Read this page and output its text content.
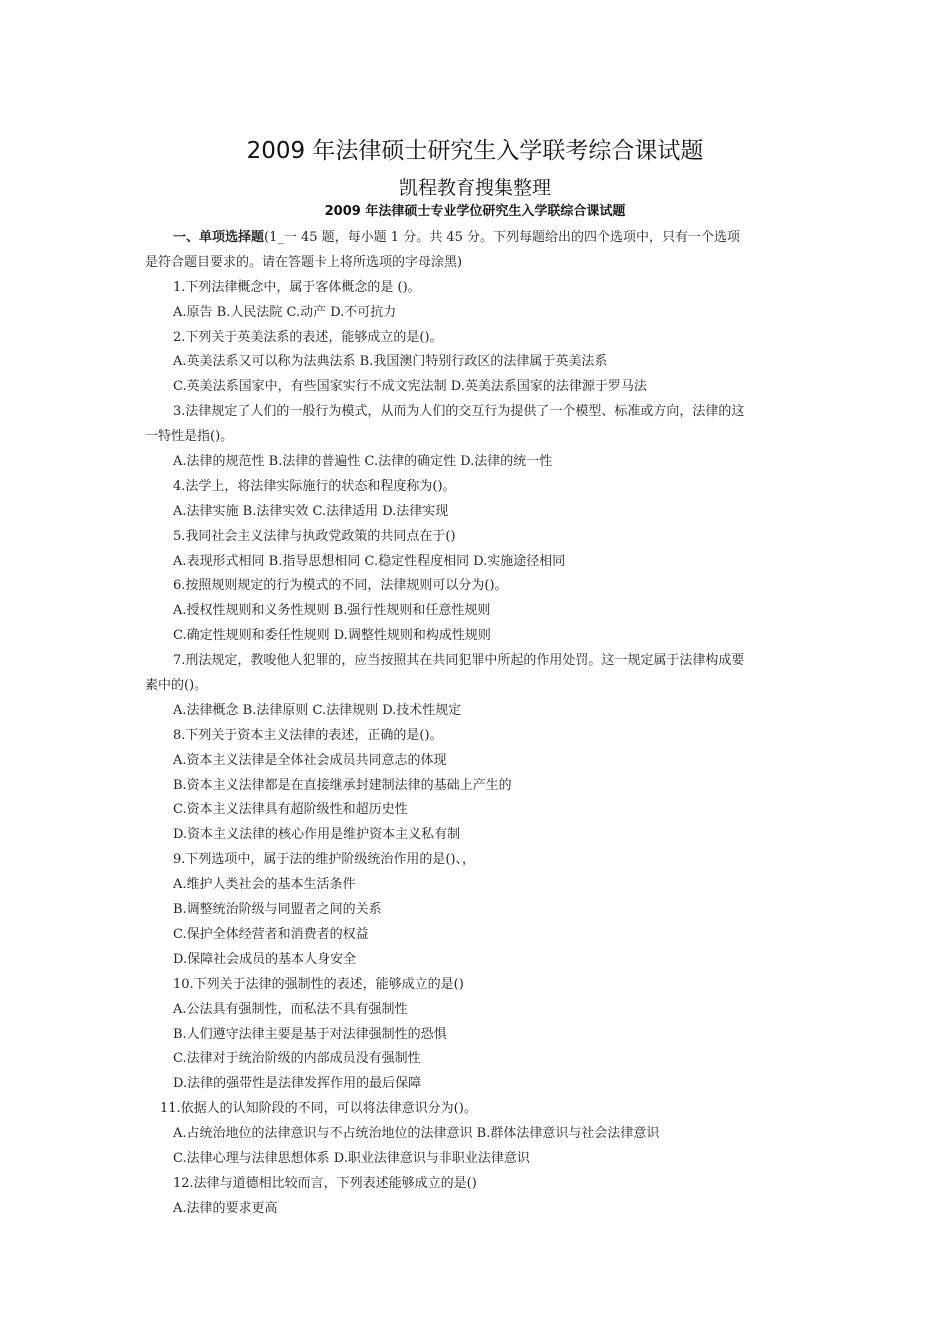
2009 年法律硕士研究生入学联考综合课试题
凯程教育搜集整理
2009 年法律硕士专业学位研究生入学联综合课试题
一、单项选择题(1_一 45 题，每小题 1 分。共 45 分。下列每题给出的四个选项中，只有一个选项
是符合题目要求的。请在答题卡上将所选项的字母涂黑)
1.下列法律概念中，属于客体概念的是 ()。
A.原告 B.人民法院 C.动产 D.不可抗力
2.下列关于英美法系的表述，能够成立的是()。
A.英美法系又可以称为法典法系 B.我国澳门特别行政区的法律属于英美法系
C.英美法系国家中，有些国家实行不成文宪法制 D.英美法系国家的法律源于罗马法
3.法律规定了人们的一般行为模式，从而为人们的交互行为提供了一个模型、标准或方向，法律的这
一特性是指()。
A.法律的规范性 B.法律的普遍性 C.法律的确定性 D.法律的统一性
4.法学上，将法律实际施行的状态和程度称为()。
A.法律实施 B.法律实效 C.法律适用 D.法律实现
5.我同社会主义法律与执政党政策的共同点在于()
A.表现形式相同 B.指导思想相同 C.稳定性程度相同 D.实施途径相同
6.按照规则规定的行为模式的不同，法律规则可以分为()。
A.授权性规则和义务性规则 B.强行性规则和任意性规则
C.确定性规则和委任性规则 D.调整性规则和构成性规则
7.刑法规定，教唆他人犯罪的，应当按照其在共同犯罪中所起的作用处罚。这一规定属于法律构成要
素中的()。
A.法律概念 B.法律原则 C.法律规则 D.技术性规定
8.下列关于资本主义法律的表述，正确的是()。
A.资本主义法律是全体社会成员共同意志的体现
B.资本主义法律都是在直接继承封建制法律的基础上产生的
C.资本主义法律具有超阶级性和超历史性
D.资本主义法律的核心作用是维护资本主义私有制
9.下列选项中，属于法的维护阶级统治作用的是()、，
A.维护人类社会的基本生活条件
B.调整统治阶级与同盟者之间的关系
C.保护全体经营者和消费者的权益
D.保障社会成员的基本人身安全
10.下列关于法律的强制性的表述，能够成立的是()
A.公法具有强制性，而私法不具有强制性
B.人们遵守法律主要是基于对法律强制性的恐惧
C.法律对于统治阶级的内部成员没有强制性
D.法律的强带性是法律发挥作用的最后保障
11.依据人的认知阶段的不同，可以将法律意识分为()。
A.占统治地位的法律意识与不占统治地位的法律意识 B.群体法律意识与社会法律意识
C.法律心理与法律思想体系 D.职业法律意识与非职业法律意识
12.法律与道德相比较而言，下列表述能够成立的是()
A.法律的要求更高
